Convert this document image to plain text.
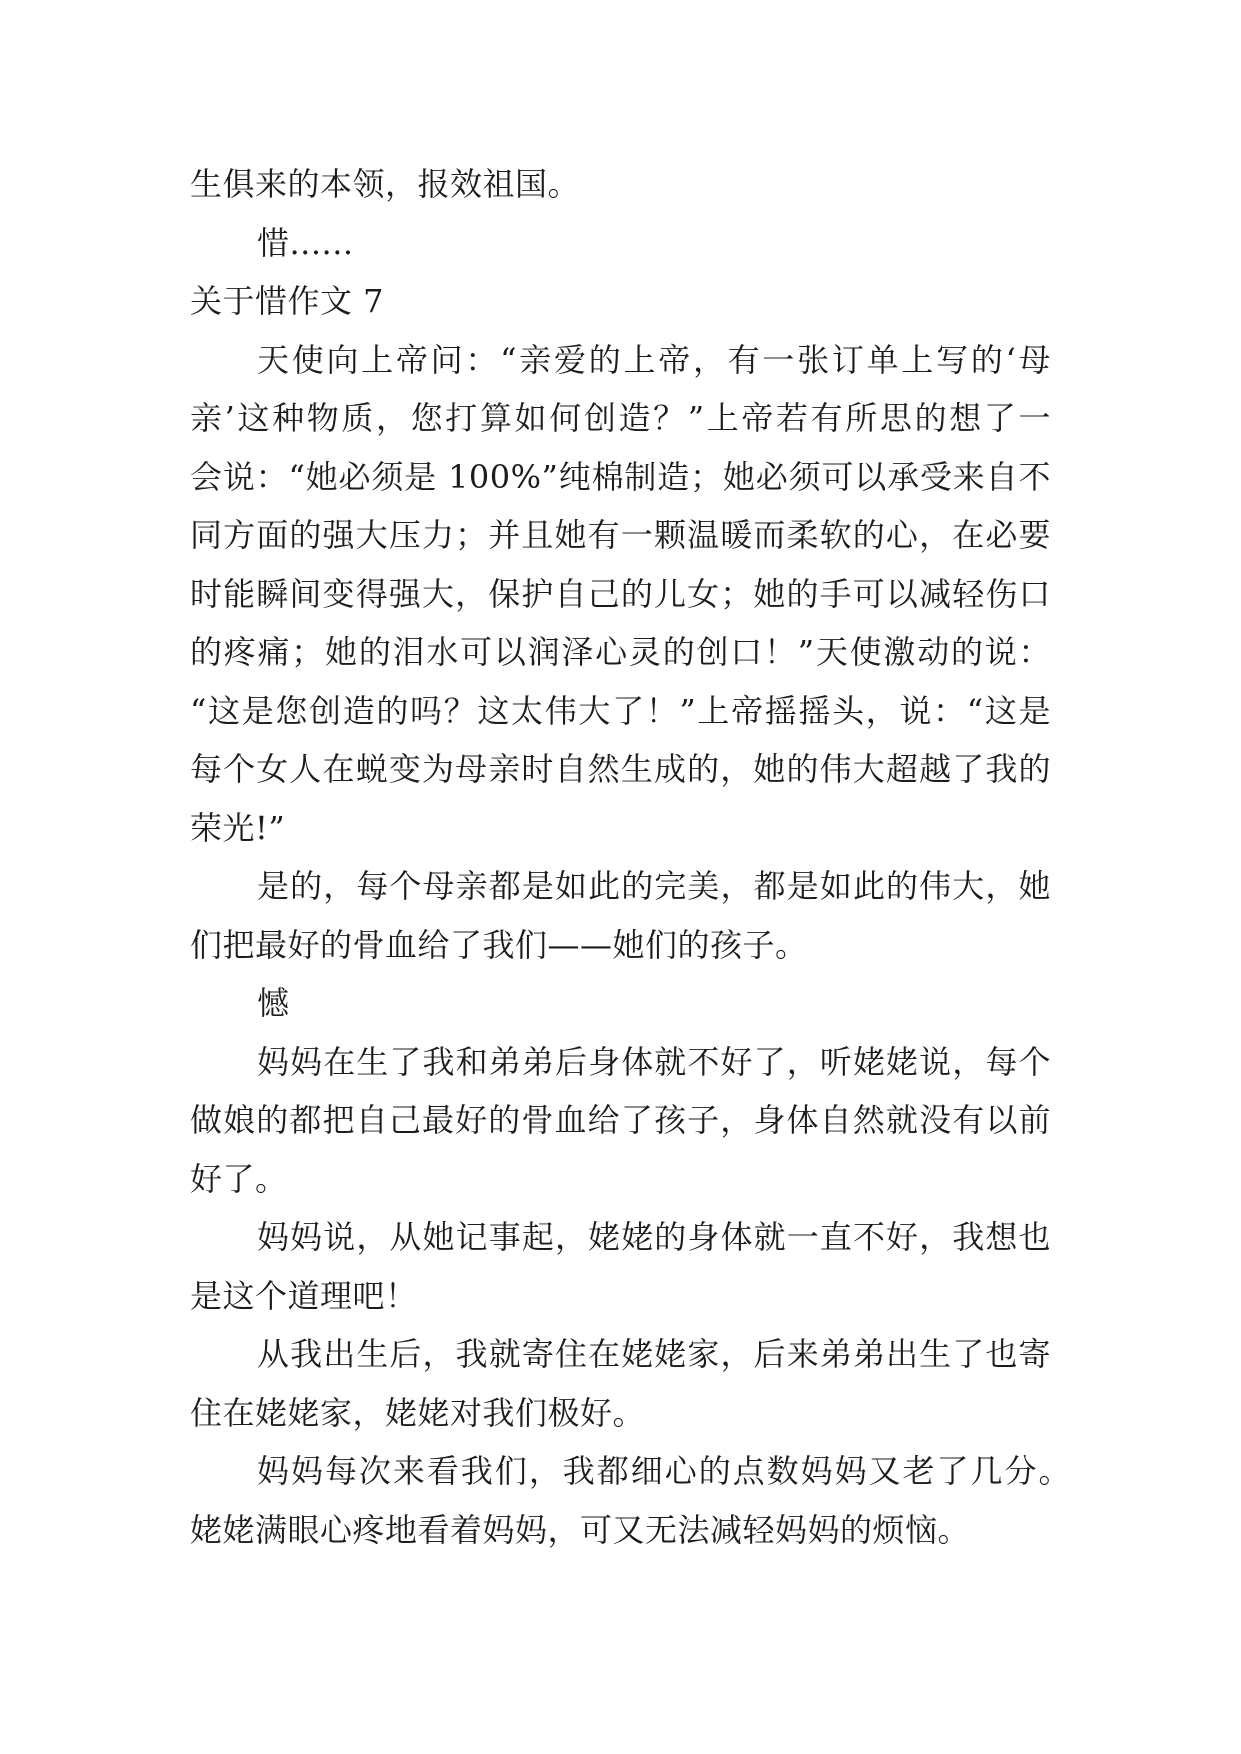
生俱来的本领，报效祖国。
惜......
关于惜作文 7
天使向上帝问：“亲爱的上帝，有一张订单上写的‘母
亲’这种物质，您打算如何创造？”上帝若有所思的想了一
会说：“她必须是 100%”纯棉制造；她必须可以承受来自不
同方面的强大压力；并且她有一颗温暖而柔软的心，在必要
时能瞬间变得强大，保护自己的儿女；她的手可以减轻伤口
的疼痛；她的泪水可以润泽心灵的创口！”天使激动的说：
“这是您创造的吗？这太伟大了！”上帝摇摇头，说：“这是
每个女人在蜕变为母亲时自然生成的，她的伟大超越了我的
荣光!”
是的，每个母亲都是如此的完美，都是如此的伟大，她
们把最好的骨血给了我们——她们的孩子。
憾
妈妈在生了我和弟弟后身体就不好了，听姥姥说，每个
做娘的都把自己最好的骨血给了孩子，身体自然就没有以前
好了。
妈妈说，从她记事起，姥姥的身体就一直不好，我想也
是这个道理吧！
从我出生后，我就寄住在姥姥家，后来弟弟出生了也寄
住在姥姥家，姥姥对我们极好。
妈妈每次来看我们，我都细心的点数妈妈又老了几分。
姥姥满眼心疼地看着妈妈，可又无法减轻妈妈的烦恼。
